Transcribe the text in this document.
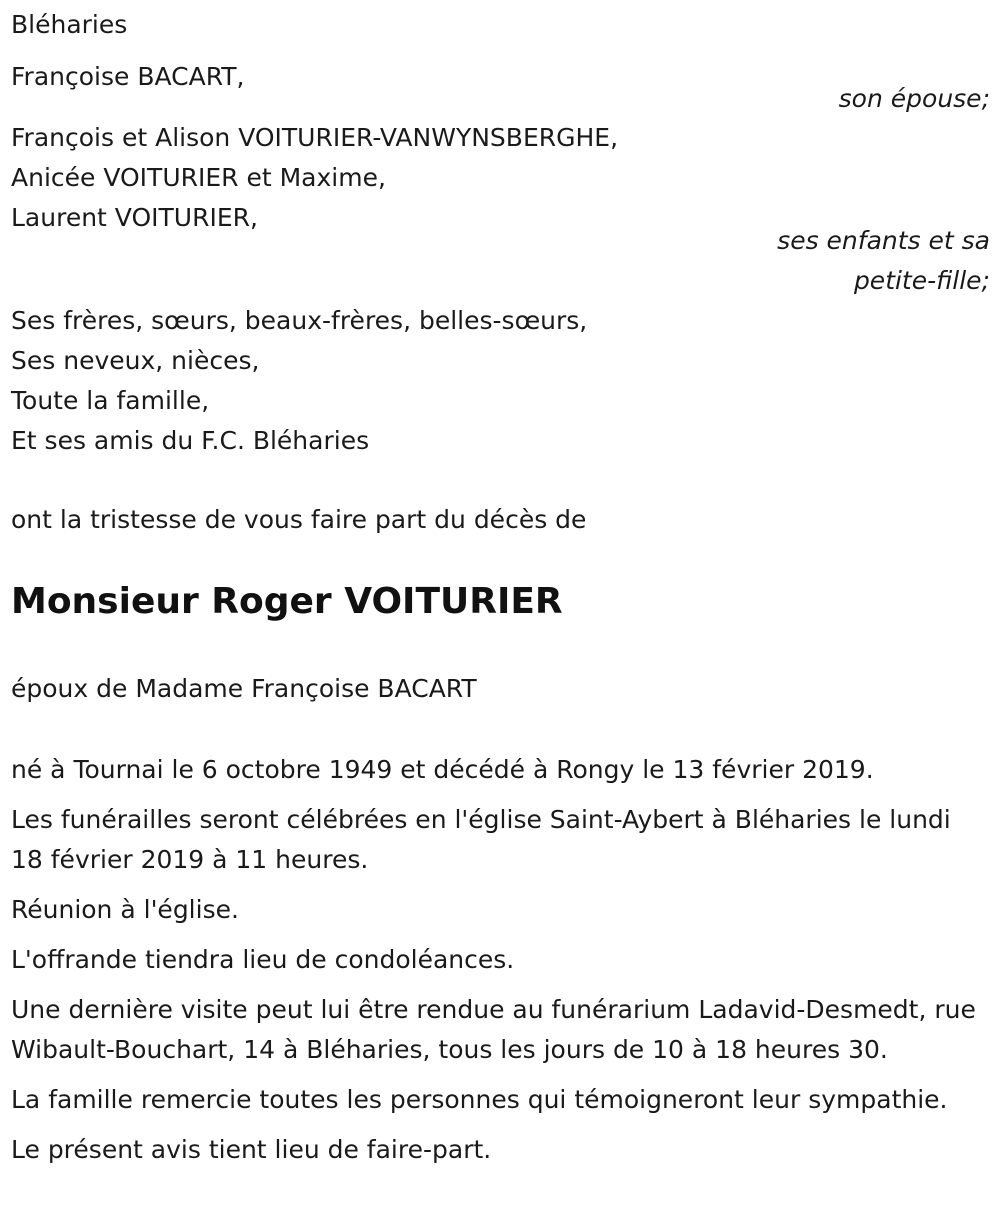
Bléharies
Françoise BACART,
son épouse;
François et Alison VOITURIER-VANWYNSBERGHE,
Anicée VOITURIER et Maxime,
Laurent VOITURIER,
ses enfants et sa
petite-fille;
Ses frères, sœurs, beaux-frères, belles-sœurs,
Ses neveux, nièces,
Toute la famille,
Et ses amis du F.C. Bléharies
ont la tristesse de vous faire part du décès de
Monsieur Roger VOITURIER
époux de Madame Françoise BACART

né à Tournai le 6 octobre 1949 et décédé à Rongy le 13 février 2019.

Les funérailles seront célébrées en l'église Saint-Aybert à Bléharies le lundi 18 février 2019 à 11 heures.

Réunion à l'église.

L'offrande tiendra lieu de condoléances.

Une dernière visite peut lui être rendue au funérarium Ladavid-Desmedt, rue Wibault-Bouchart, 14 à Bléharies, tous les jours de 10 à 18 heures 30.

La famille remercie toutes les personnes qui témoigneront leur sympathie.

Le présent avis tient lieu de faire-part.
